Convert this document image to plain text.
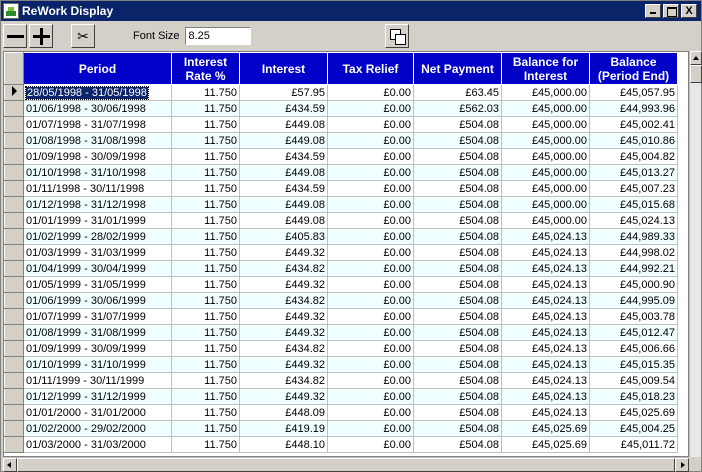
ReWork Display	X
✂	Font Size
8.25
	Period	Interest Rate %	Interest	Tax Relief	Net Payment	Balance for Interest	Balance (Period End)
	28/05/1998 - 31/05/1998	11.750	£57.95	£0.00	£63.45	£45,000.00	£45,057.95
	01/06/1998 - 30/06/1998	11.750	£434.59	£0.00	£562.03	£45,000.00	£44,993.96
	01/07/1998 - 31/07/1998	11.750	£449.08	£0.00	£504.08	£45,000.00	£45,002.41
	01/08/1998 - 31/08/1998	11.750	£449.08	£0.00	£504.08	£45,000.00	£45,010.86
	01/09/1998 - 30/09/1998	11.750	£434.59	£0.00	£504.08	£45,000.00	£45,004.82
	01/10/1998 - 31/10/1998	11.750	£449.08	£0.00	£504.08	£45,000.00	£45,013.27
	01/11/1998 - 30/11/1998	11.750	£434.59	£0.00	£504.08	£45,000.00	£45,007.23
	01/12/1998 - 31/12/1998	11.750	£449.08	£0.00	£504.08	£45,000.00	£45,015.68
	01/01/1999 - 31/01/1999	11.750	£449.08	£0.00	£504.08	£45,000.00	£45,024.13
	01/02/1999 - 28/02/1999	11.750	£405.83	£0.00	£504.08	£45,024.13	£44,989.33
	01/03/1999 - 31/03/1999	11.750	£449.32	£0.00	£504.08	£45,024.13	£44,998.02
	01/04/1999 - 30/04/1999	11.750	£434.82	£0.00	£504.08	£45,024.13	£44,992.21
	01/05/1999 - 31/05/1999	11.750	£449.32	£0.00	£504.08	£45,024.13	£45,000.90
	01/06/1999 - 30/06/1999	11.750	£434.82	£0.00	£504.08	£45,024.13	£44,995.09
	01/07/1999 - 31/07/1999	11.750	£449.32	£0.00	£504.08	£45,024.13	£45,003.78
	01/08/1999 - 31/08/1999	11.750	£449.32	£0.00	£504.08	£45,024.13	£45,012.47
	01/09/1999 - 30/09/1999	11.750	£434.82	£0.00	£504.08	£45,024.13	£45,006.66
	01/10/1999 - 31/10/1999	11.750	£449.32	£0.00	£504.08	£45,024.13	£45,015.35
	01/11/1999 - 30/11/1999	11.750	£434.82	£0.00	£504.08	£45,024.13	£45,009.54
	01/12/1999 - 31/12/1999	11.750	£449.32	£0.00	£504.08	£45,024.13	£45,018.23
	01/01/2000 - 31/01/2000	11.750	£448.09	£0.00	£504.08	£45,024.13	£45,025.69
	01/02/2000 - 29/02/2000	11.750	£419.19	£0.00	£504.08	£45,025.69	£45,004.25
	01/03/2000 - 31/03/2000	11.750	£448.10	£0.00	£504.08	£45,025.69	£45,011.72
